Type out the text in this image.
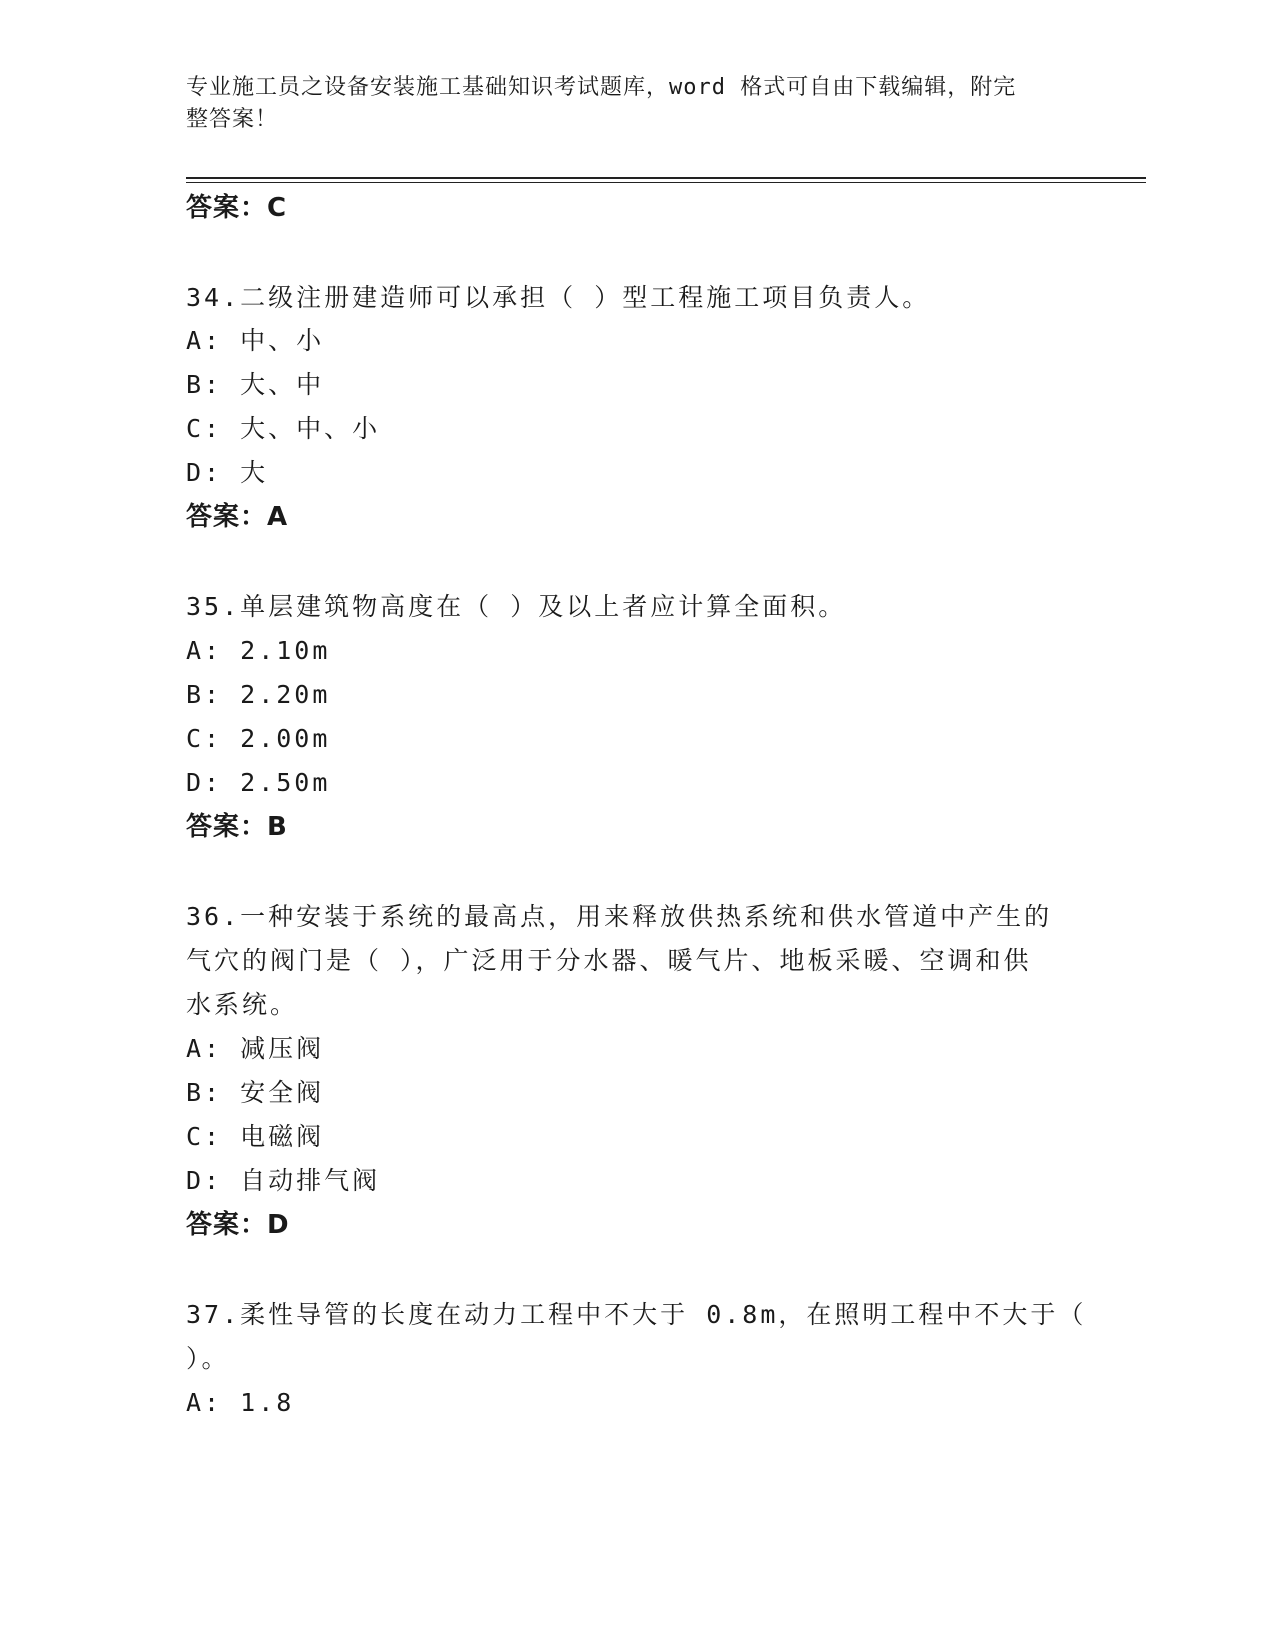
专业施工员之设备安装施工基础知识考试题库，word 格式可自由下载编辑，附完
整答案！
答案：C
34.二级注册建造师可以承担（ ）型工程施工项目负责人。
A: 中、小
B: 大、中
C: 大、中、小
D: 大
答案：A
35.单层建筑物高度在（ ）及以上者应计算全面积。
A: 2.10m
B: 2.20m
C: 2.00m
D: 2.50m
答案：B
36.一种安装于系统的最高点，用来释放供热系统和供水管道中产生的
气穴的阀门是（ ），广泛用于分水器、暖气片、地板采暖、空调和供
水系统。
A: 减压阀
B: 安全阀
C: 电磁阀
D: 自动排气阀
答案：D
37.柔性导管的长度在动力工程中不大于 0.8m，在照明工程中不大于（
）。
A: 1.8
